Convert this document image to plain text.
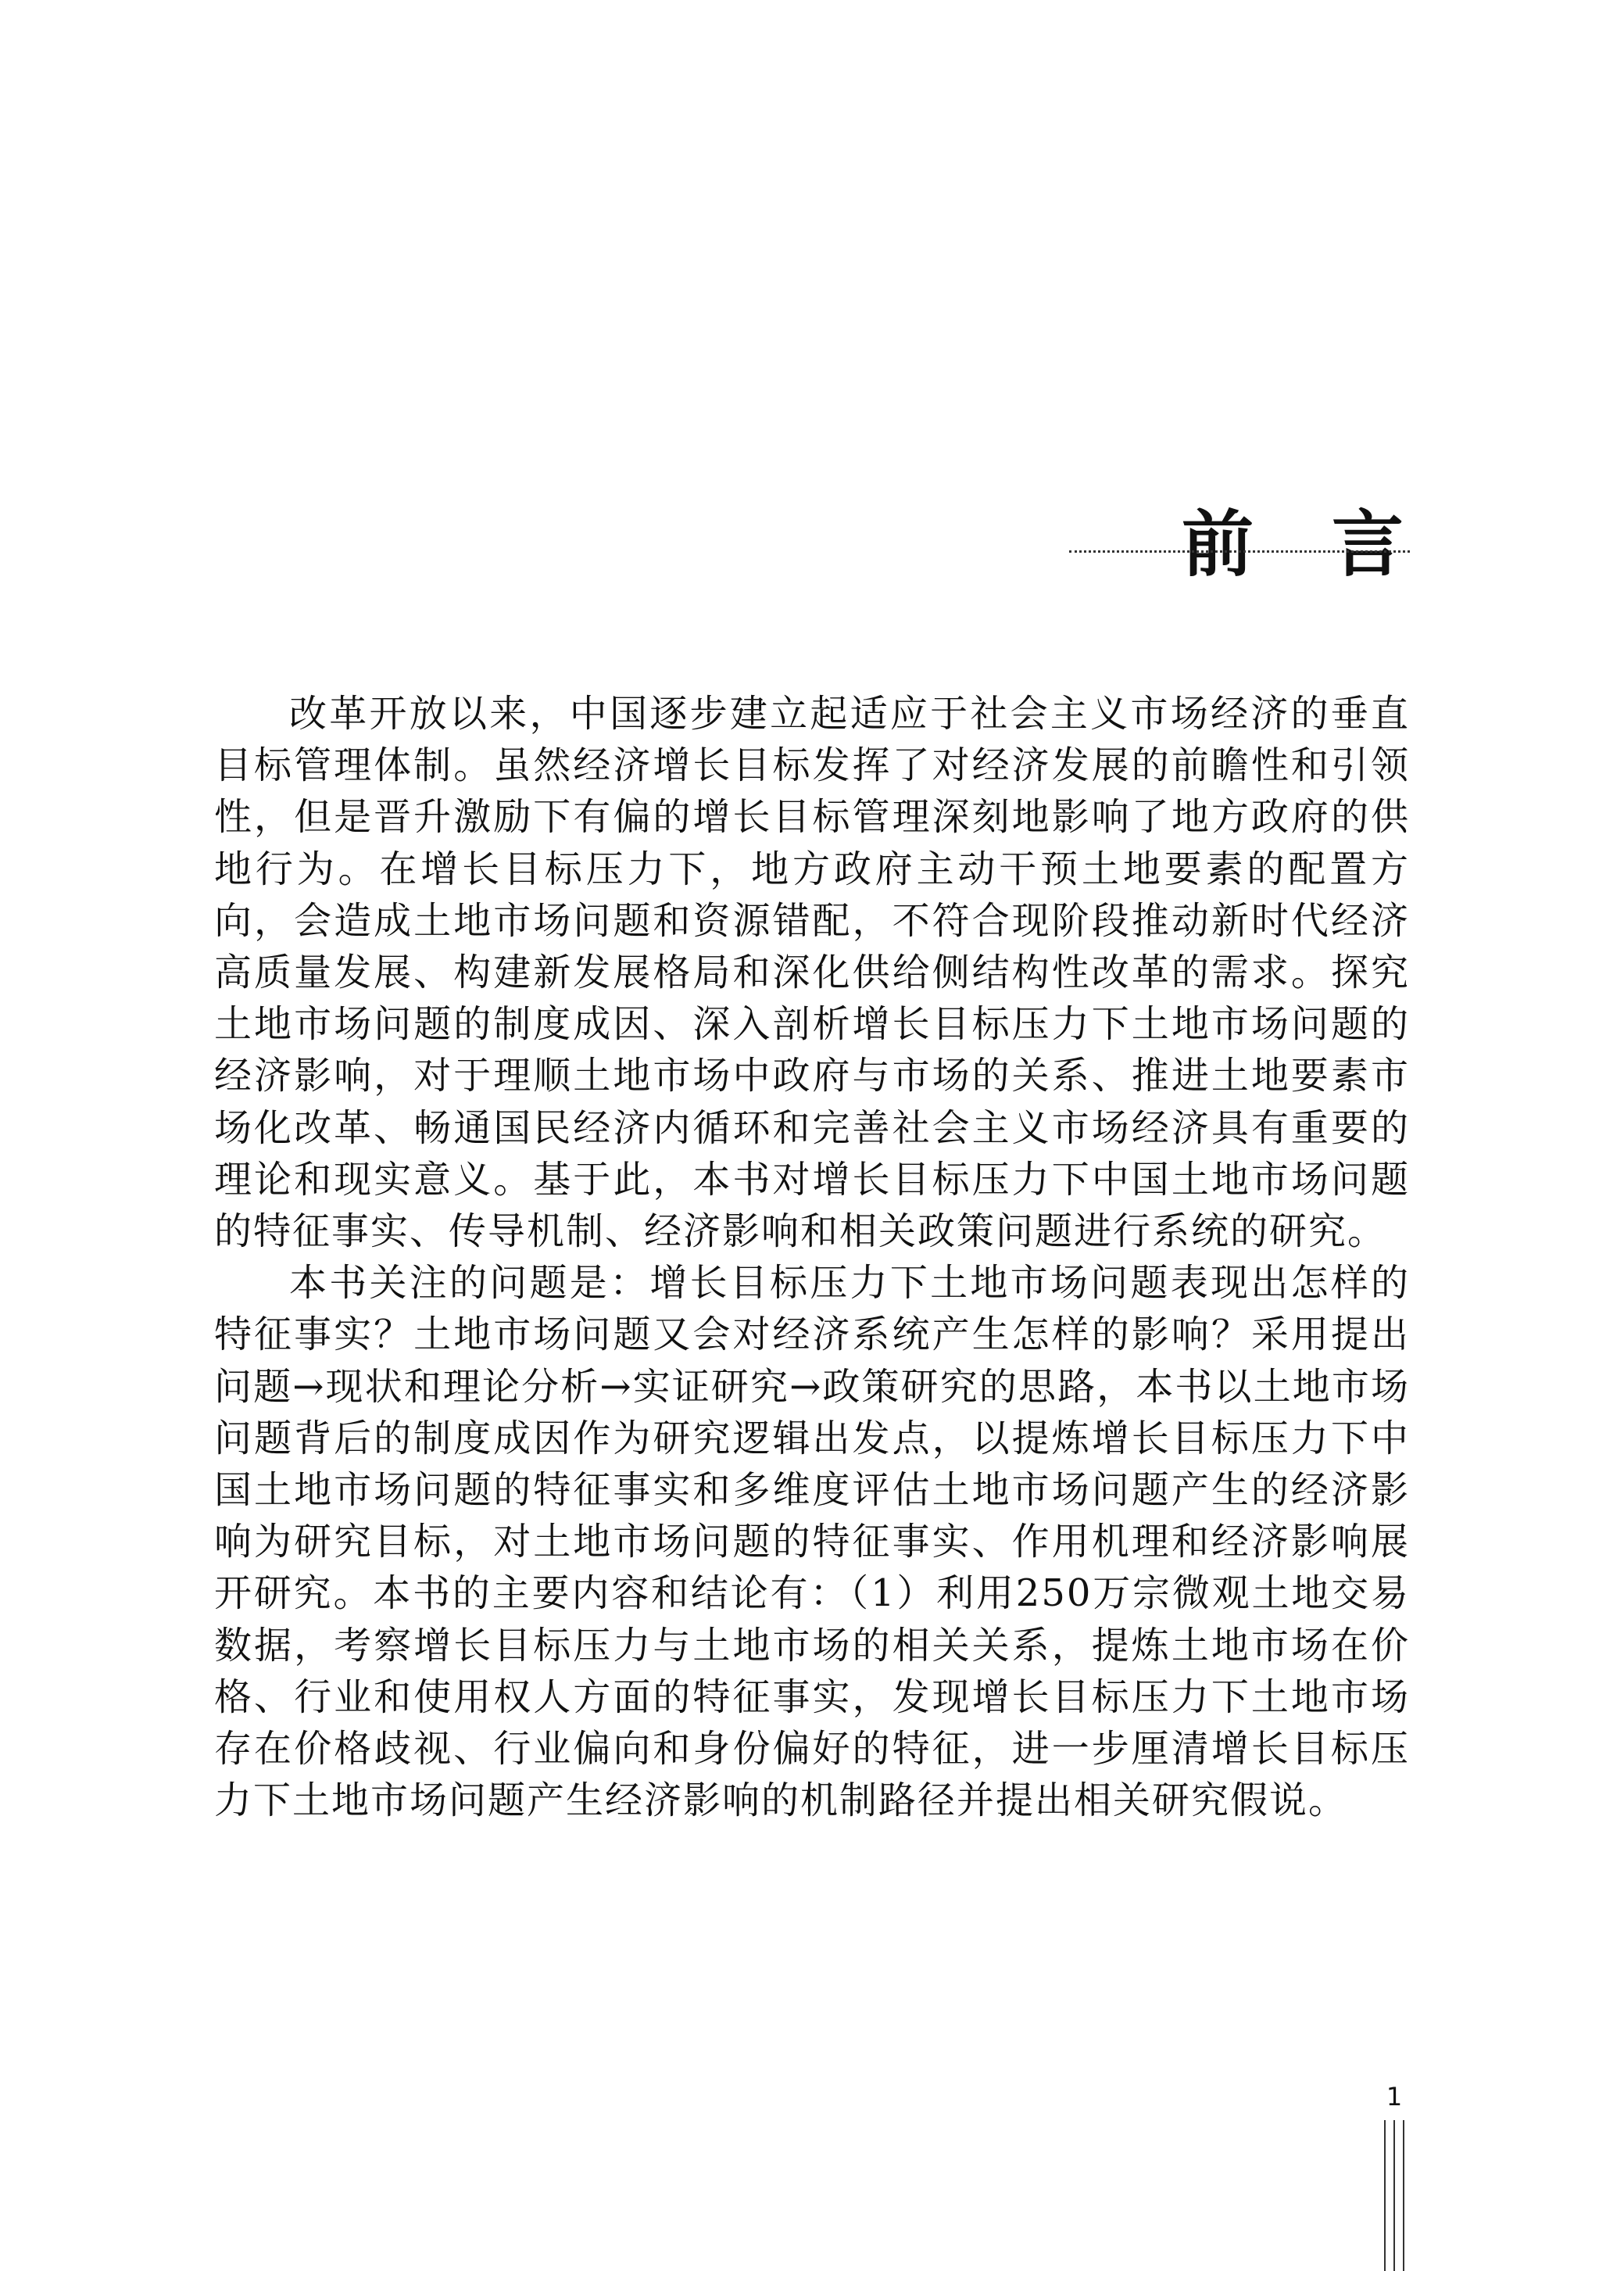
前言

改革开放以来，中国逐步建立起适应于社会主义市场经济的垂直目标管理体制。虽然经济增长目标发挥了对经济发展的前瞻性和引领性，但是晋升激励下有偏的增长目标管理深刻地影响了地方政府的供地行为。在增长目标压力下，地方政府主动干预土地要素的配置方向，会造成土地市场问题和资源错配，不符合现阶段推动新时代经济高质量发展、构建新发展格局和深化供给侧结构性改革的需求。探究土地市场问题的制度成因、深入剖析增长目标压力下土地市场问题的经济影响，对于理顺土地市场中政府与市场的关系、推进土地要素市场化改革、畅通国民经济内循环和完善社会主义市场经济具有重要的理论和现实意义。基于此，本书对增长目标压力下中国土地市场问题的特征事实、传导机制、经济影响和相关政策问题进行系统的研究。

本书关注的问题是：增长目标压力下土地市场问题表现出怎样的特征事实？土地市场问题又会对经济系统产生怎样的影响？采用提出问题→现状和理论分析→实证研究→政策研究的思路，本书以土地市场问题背后的制度成因作为研究逻辑出发点，以提炼增长目标压力下中国土地市场问题的特征事实和多维度评估土地市场问题产生的经济影响为研究目标，对土地市场问题的特征事实、作用机理和经济影响展开研究。本书的主要内容和结论有：（1）利用250万宗微观土地交易数据，考察增长目标压力与土地市场的相关关系，提炼土地市场在价格、行业和使用权人方面的特征事实，发现增长目标压力下土地市场存在价格歧视、行业偏向和身份偏好的特征，进一步厘清增长目标压力下土地市场问题产生经济影响的机制路径并提出相关研究假说。

1
